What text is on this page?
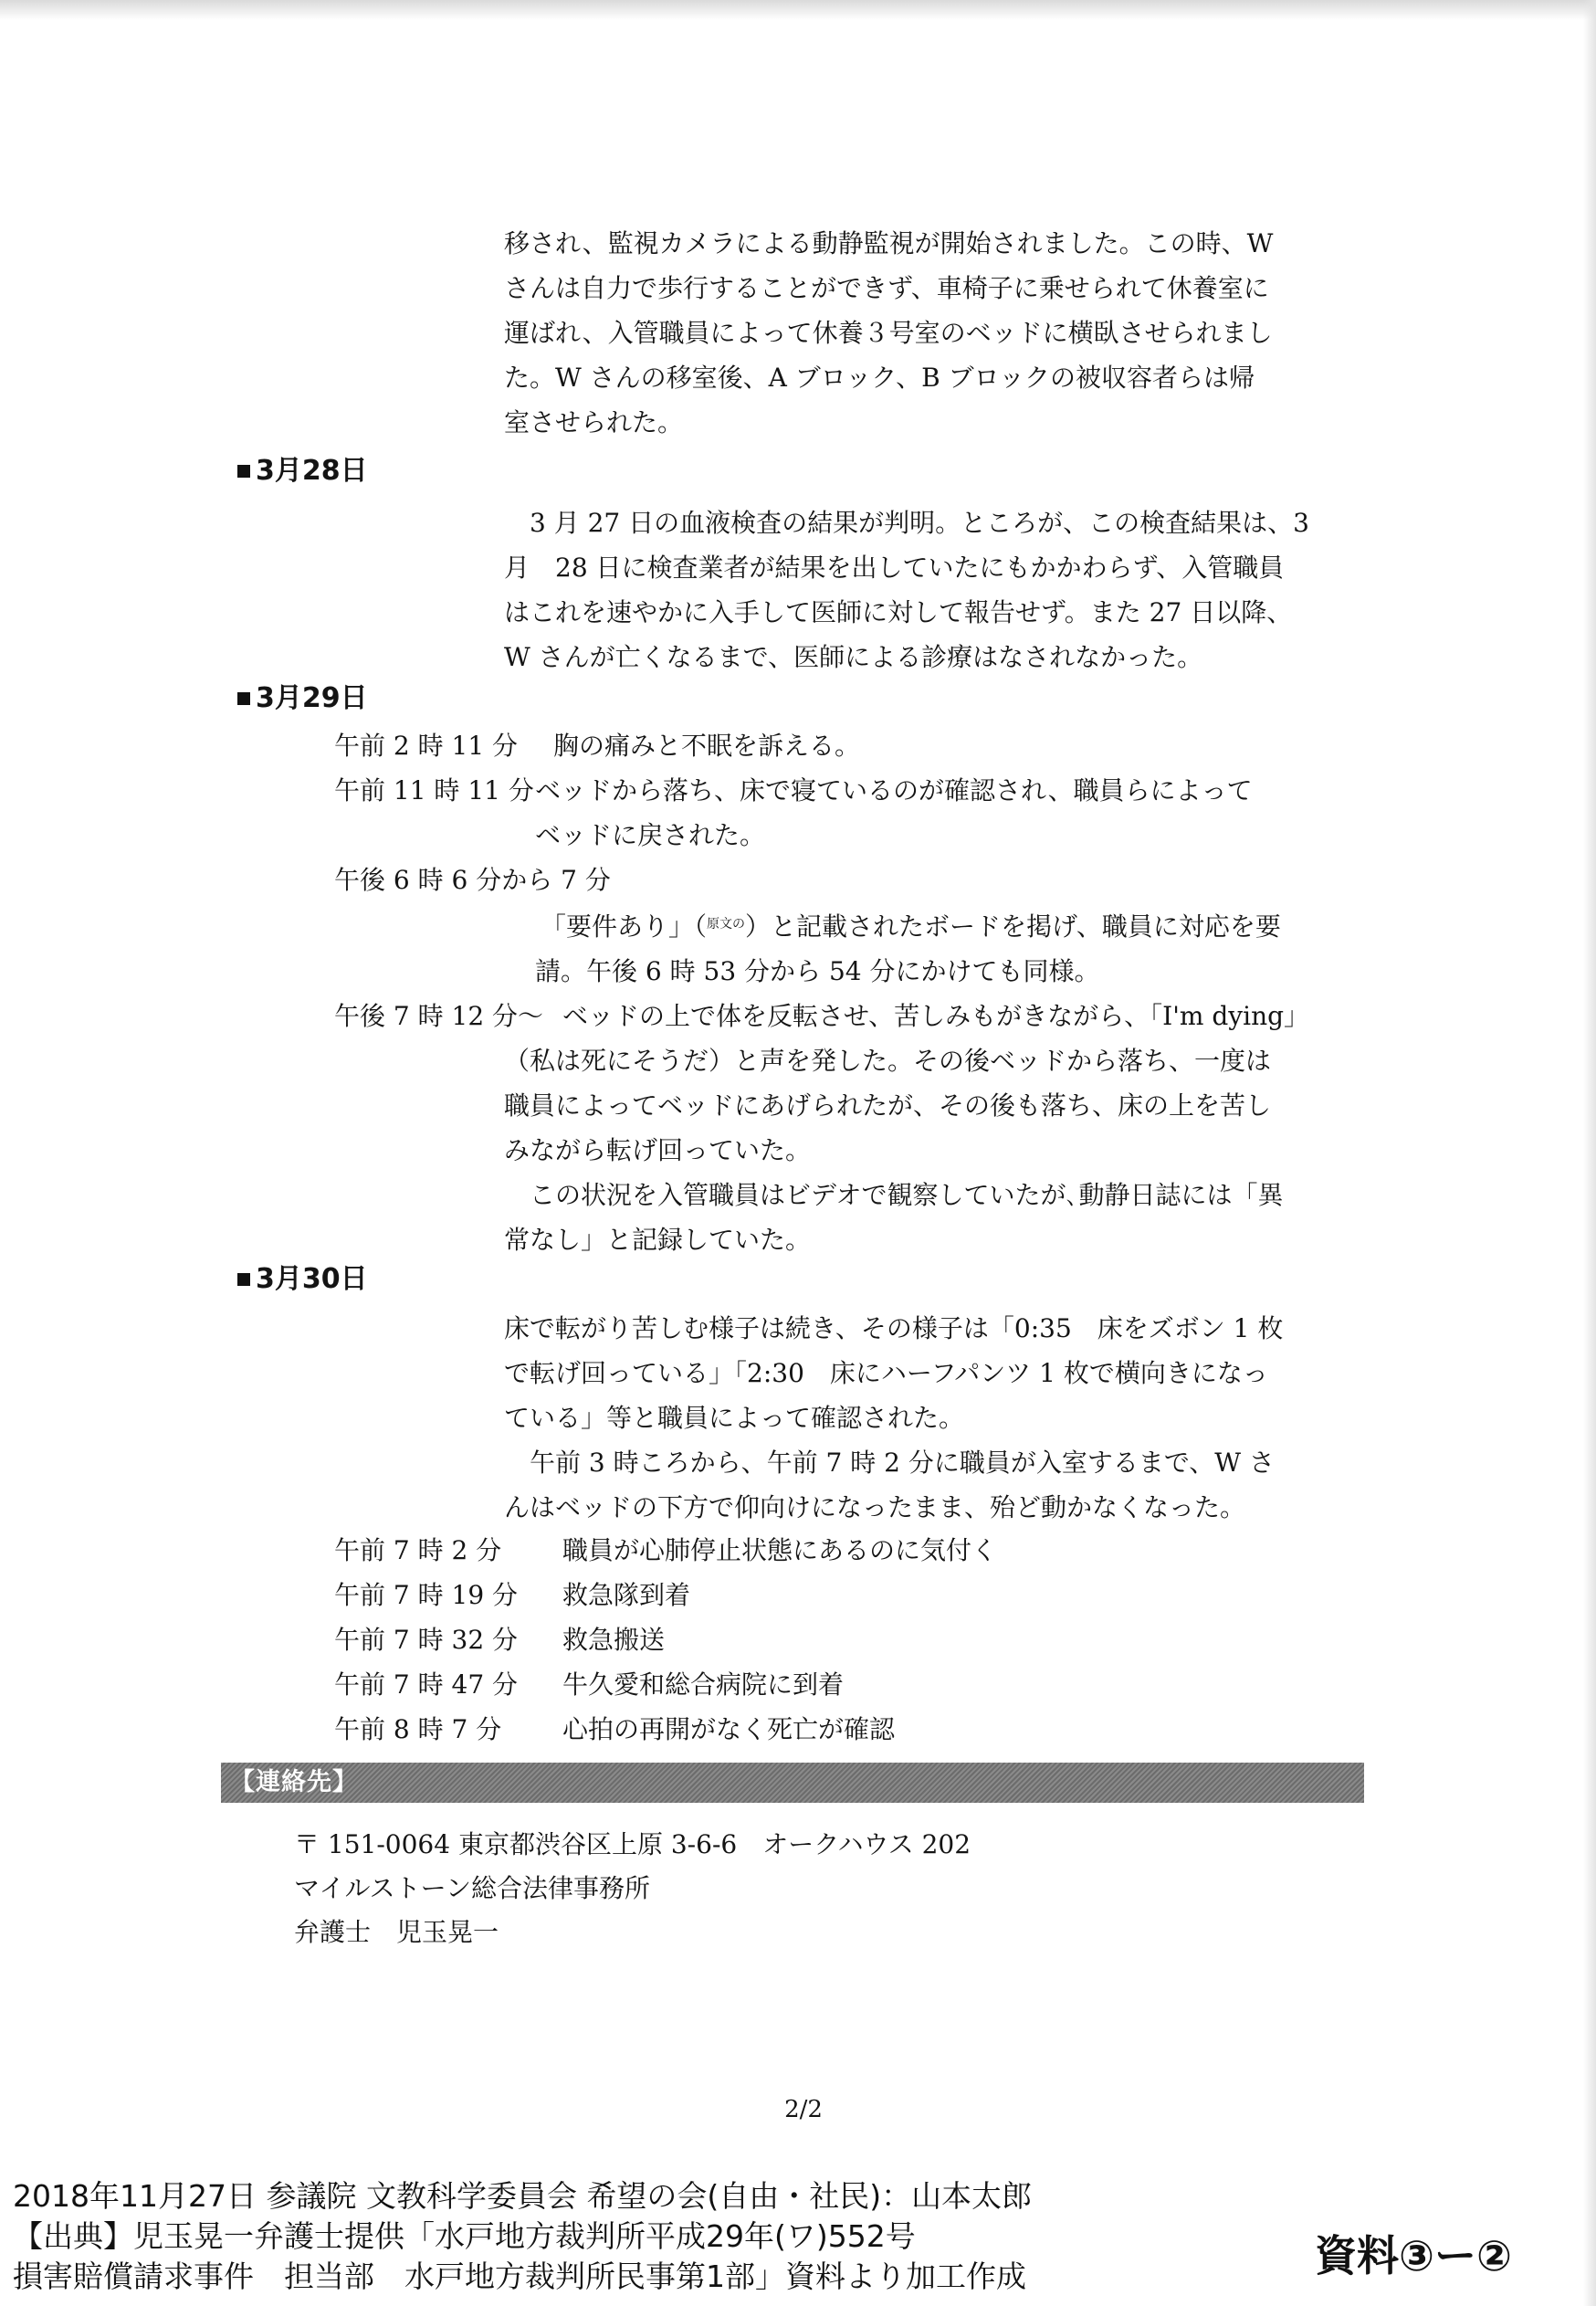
移され、監視カメラによる動静監視が開始されました。この時、W

さんは自力で歩行することができず、車椅子に乗せられて休養室に

運ばれ、入管職員によって休養３号室のベッドに横臥させられまし

た。W さんの移室後、A ブロック、B ブロックの被収容者らは帰

室させられた。

3月28日

3 月 27 日の血液検査の結果が判明。ところが、この検査結果は、3

月　28 日に検査業者が結果を出していたにもかかわらず、入管職員

はこれを速やかに入手して医師に対して報告せず。また 27 日以降、

W さんが亡くなるまで、医師による診療はなされなかった。

3月29日
午前 2 時 11 分	胸の痛みと不眠を訴える。
午前 11 時 11 分 ベッドから落ち、床で寝ているのが確認され、職員らによって
ベッドに戻された。
午後 6 時 6 分から 7 分
「要件あり」（$^{原文の}$）と記載されたボードを掲げ、職員に対応を要
請。午後 6 時 53 分から 54 分にかけても同様。
午後 7 時 12 分～ ベッドの上で体を反転させ、苦しみもがきながら、「I'm dying」

（私は死にそうだ）と声を発した。その後ベッドから落ち、一度は

職員によってベッドにあげられたが、その後も落ち、床の上を苦し

みながら転げ回っていた。

この状況を入管職員はビデオで観察していたが､動静日誌には「異

常なし」と記録していた。

3月30日

床で転がり苦しむ様子は続き、その様子は「0:35　床をズボン 1 枚

で転げ回っている」「2:30　床にハーフパンツ 1 枚で横向きになっ

ている」等と職員によって確認された。

午前 3 時ころから、午前 7 時 2 分に職員が入室するまで、W さ

んはベッドの下方で仰向けになったまま、殆ど動かなくなった。

午前 7 時 2 分	職員が心肺停止状態にあるのに気付く
午前 7 時 19 分	救急隊到着
午前 7 時 32 分	救急搬送
午前 7 時 47 分	牛久愛和総合病院に到着
午前 8 時 7 分	心拍の再開がなく死亡が確認
【連絡先】

〒 151-0064 東京都渋谷区上原 3-6-6　オークハウス 202

マイルストーン総合法律事務所

弁護士　児玉晃一

2/2
2018年11月27日 参議院 文教科学委員会 希望の会(自由・社民)：山本太郎
【出典】児玉晃一弁護士提供「水戸地方裁判所平成29年(ワ)552号
損害賠償請求事件　担当部　水戸地方裁判所民事第1部」資料より加工作成	資料③ー②
